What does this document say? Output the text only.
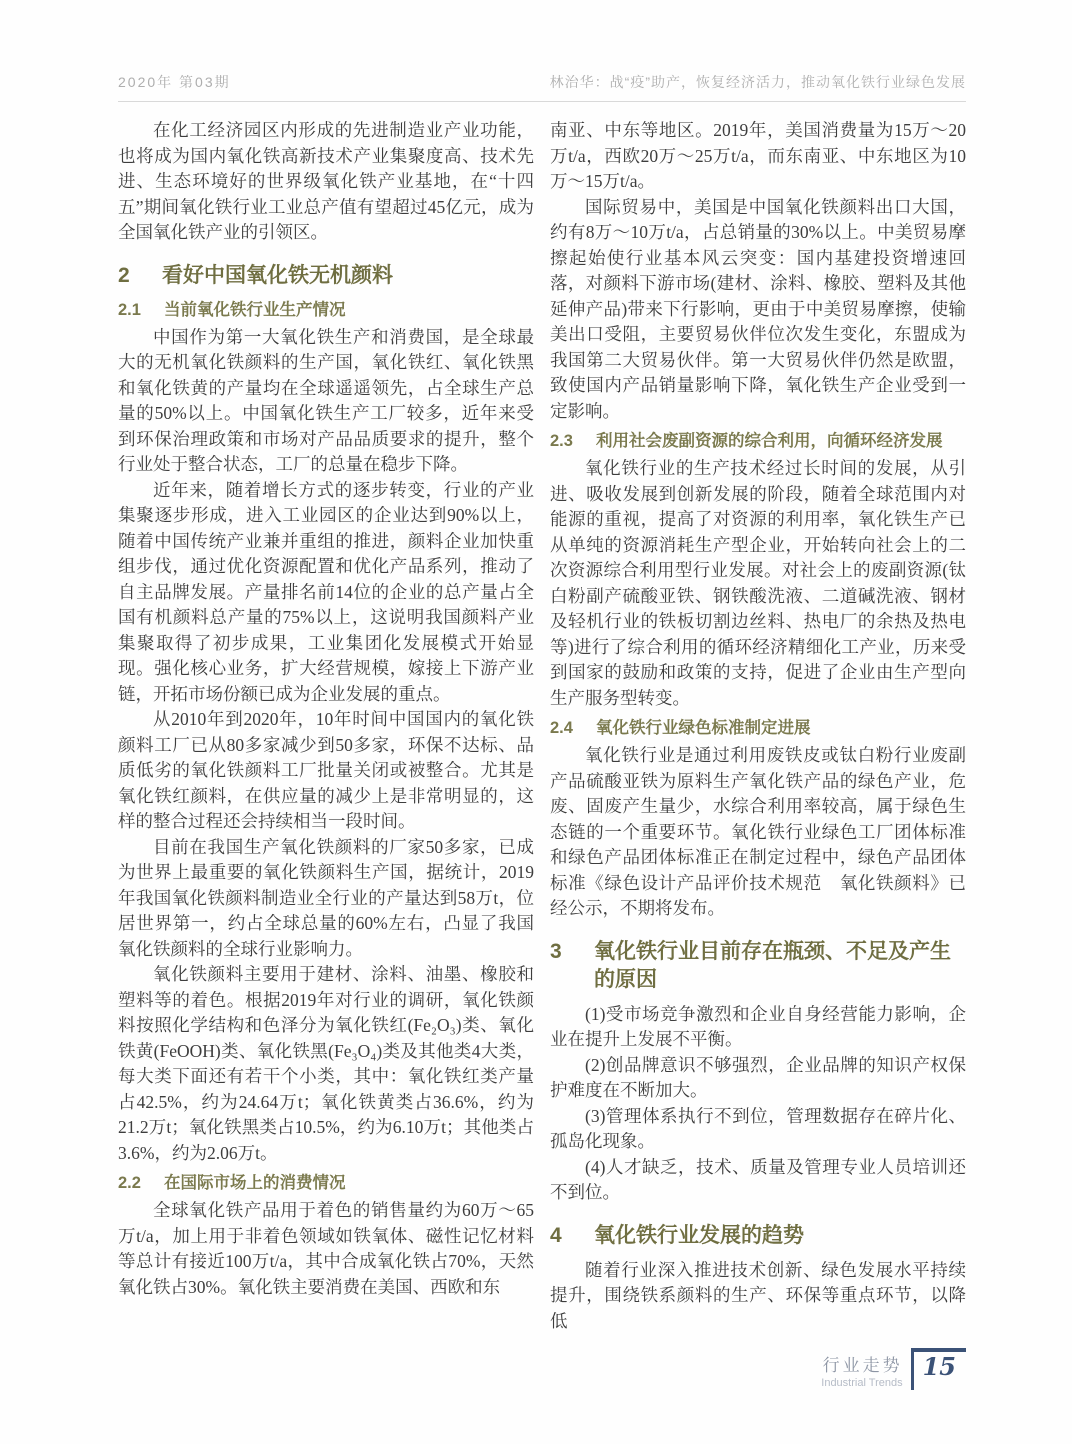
2020年 第03期	林治华：战“疫”助产，恢复经济活力，推动氧化铁行业绿色发展

在化工经济园区内形成的先进制造业产业功能，也将成为国内氧化铁高新技术产业集聚度高、技术先进、生态环境好的世界级氧化铁产业基地，在“十四五”期间氧化铁行业工业总产值有望超过45亿元，成为全国氧化铁产业的引领区。

2	看好中国氧化铁无机颜料
2.1	当前氧化铁行业生产情况

中国作为第一大氧化铁生产和消费国，是全球最大的无机氧化铁颜料的生产国，氧化铁红、氧化铁黑和氧化铁黄的产量均在全球遥遥领先，占全球生产总量的50%以上。中国氧化铁生产工厂较多，近年来受到环保治理政策和市场对产品品质要求的提升，整个行业处于整合状态，工厂的总量在稳步下降。

近年来，随着增长方式的逐步转变，行业的产业集聚逐步形成，进入工业园区的企业达到90%以上，随着中国传统产业兼并重组的推进，颜料企业加快重组步伐，通过优化资源配置和优化产品系列，推动了自主品牌发展。产量排名前14位的企业的总产量占全国有机颜料总产量的75%以上，这说明我国颜料产业集聚取得了初步成果，工业集团化发展模式开始显现。强化核心业务，扩大经营规模，嫁接上下游产业链，开拓市场份额已成为企业发展的重点。

从2010年到2020年，10年时间中国国内的氧化铁颜料工厂已从80多家减少到50多家，环保不达标、品质低劣的氧化铁颜料工厂批量关闭或被整合。尤其是氧化铁红颜料，在供应量的减少上是非常明显的，这样的整合过程还会持续相当一段时间。

目前在我国生产氧化铁颜料的厂家50多家，已成为世界上最重要的氧化铁颜料生产国，据统计，2019年我国氧化铁颜料制造业全行业的产量达到58万t，位居世界第一，约占全球总量的60%左右，凸显了我国氧化铁颜料的全球行业影响力。

氧化铁颜料主要用于建材、涂料、油墨、橡胶和塑料等的着色。根据2019年对行业的调研，氧化铁颜料按照化学结构和色泽分为氧化铁红(Fe₂O₃)类、氧化铁黄(FeOOH)类、氧化铁黑(Fe₃O₄)类及其他类4大类，每大类下面还有若干个小类，其中：氧化铁红类产量占42.5%，约为24.64万t；氧化铁黄类占36.6%，约为21.2万t；氧化铁黑类占10.5%，约为6.10万t；其他类占3.6%，约为2.06万t。

2.2	在国际市场上的消费情况

全球氧化铁产品用于着色的销售量约为60万～65万t/a，加上用于非着色领域如铁氧体、磁性记忆材料等总计有接近100万t/a，其中合成氧化铁占70%，天然氧化铁占30%。氧化铁主要消费在美国、西欧和东

南亚、中东等地区。2019年，美国消费量为15万～20万t/a，西欧20万～25万t/a，而东南亚、中东地区为10万～15万t/a。

国际贸易中，美国是中国氧化铁颜料出口大国，约有8万～10万t/a，占总销量的30%以上。中美贸易摩擦起始使行业基本风云突变：国内基建投资增速回落，对颜料下游市场(建材、涂料、橡胶、塑料及其他延伸产品)带来下行影响，更由于中美贸易摩擦，使输美出口受阻，主要贸易伙伴位次发生变化，东盟成为我国第二大贸易伙伴。第一大贸易伙伴仍然是欧盟，致使国内产品销量影响下降，氧化铁生产企业受到一定影响。

2.3	利用社会废副资源的综合利用，向循环经济发展

氧化铁行业的生产技术经过长时间的发展，从引进、吸收发展到创新发展的阶段，随着全球范围内对能源的重视，提高了对资源的利用率，氧化铁生产已从单纯的资源消耗生产型企业，开始转向社会上的二次资源综合利用型行业发展。对社会上的废副资源(钛白粉副产硫酸亚铁、钢铁酸洗液、二道碱洗液、钢材及轻机行业的铁板切割边丝料、热电厂的余热及热电等)进行了综合利用的循环经济精细化工产业，历来受到国家的鼓励和政策的支持，促进了企业由生产型向生产服务型转变。

2.4	氧化铁行业绿色标准制定进展

氧化铁行业是通过利用废铁皮或钛白粉行业废副产品硫酸亚铁为原料生产氧化铁产品的绿色产业，危废、固废产生量少，水综合利用率较高，属于绿色生态链的一个重要环节。氧化铁行业绿色工厂团体标准和绿色产品团体标准正在制定过程中，绿色产品团体标准《绿色设计产品评价技术规范　氧化铁颜料》已经公示，不期将发布。

3	氧化铁行业目前存在瓶颈、不足及产生的原因

(1)受市场竞争激烈和企业自身经营能力影响，企业在提升上发展不平衡。

(2)创品牌意识不够强烈，企业品牌的知识产权保护难度在不断加大。

(3)管理体系执行不到位，管理数据存在碎片化、孤岛化现象。

(4)人才缺乏，技术、质量及管理专业人员培训还不到位。

4	氧化铁行业发展的趋势

随着行业深入推进技术创新、绿色发展水平持续提升，围绕铁系颜料的生产、环保等重点环节，以降低

行业走势
Industrial Trends
15
